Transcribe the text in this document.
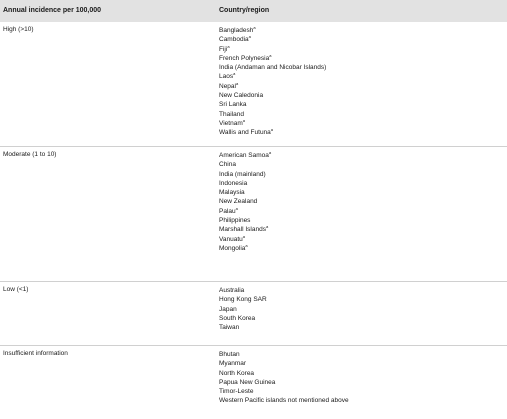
Annual incidence per 100,000	Country/region
High (>10)	Bangladesh$^a$
Cambodia$^a$
Fiji$^a$
French Polynesia$^a$
India (Andaman and Nicobar Islands)
Laos$^a$
Nepal$^a$
New Caledonia
Sri Lanka
Thailand
Vietnam$^a$
Wallis and Futuna$^a$
Moderate (1 to 10)	American Samoa$^a$
China
India (mainland)
Indonesia
Malaysia
New Zealand
Palau$^a$
Philippines
Marshall Islands$^a$
Vanuatu$^a$
Mongolia$^a$
Low (<1)	Australia
Hong Kong SAR
Japan
South Korea
Taiwan
Insufficient information	Bhutan
Myanmar
North Korea
Papua New Guinea
Timor-Leste
Western Pacific islands not mentioned above
